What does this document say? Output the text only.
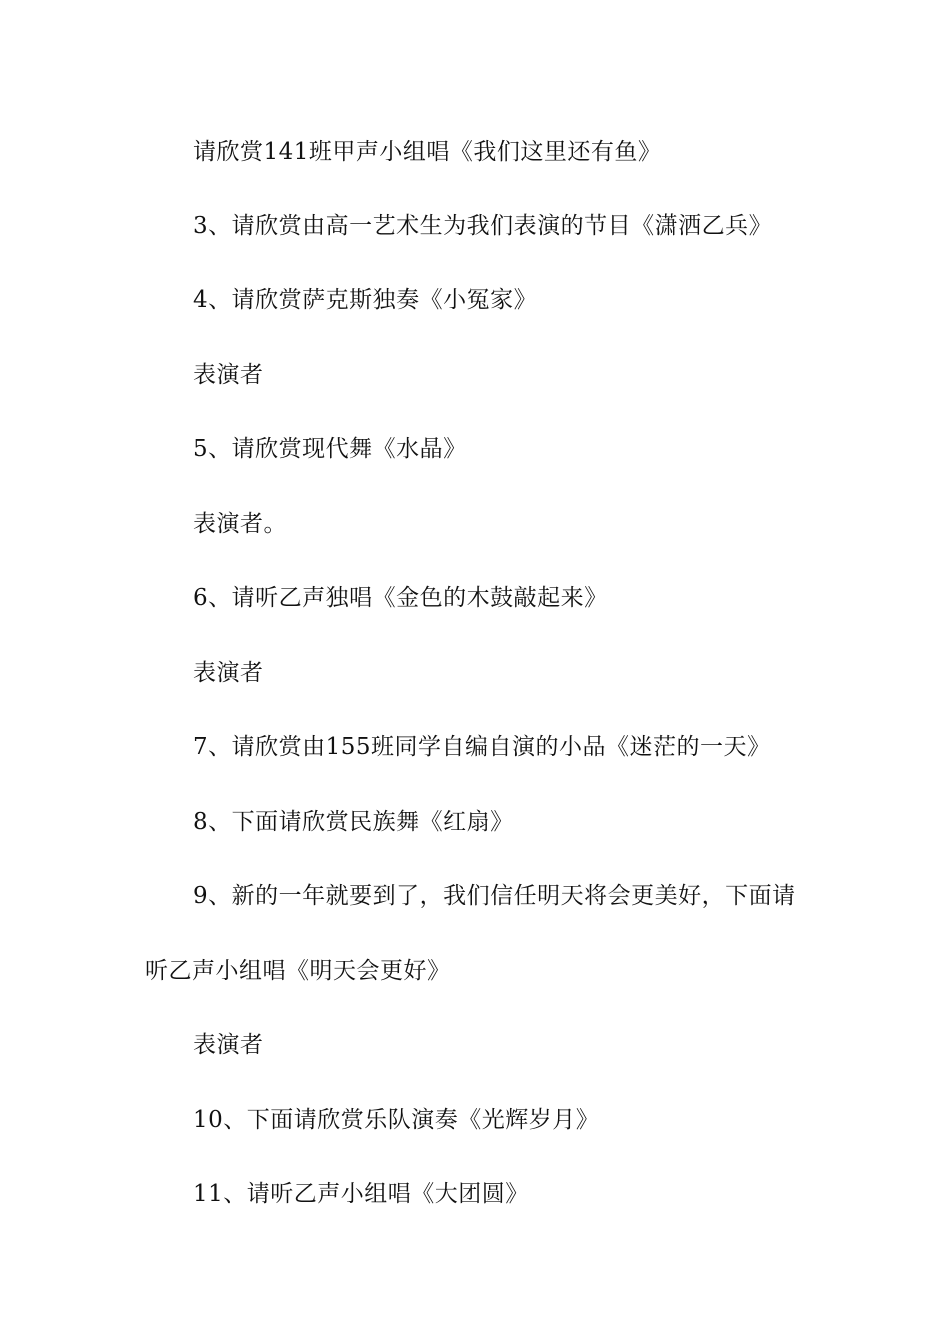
请欣赏141班甲声小组唱《我们这里还有鱼》
3、请欣赏由高一艺术生为我们表演的节目《潇洒乙兵》
4、请欣赏萨克斯独奏《小冤家》
表演者
5、请欣赏现代舞《水晶》
表演者。
6、请听乙声独唱《金色的木鼓敲起来》
表演者
7、请欣赏由155班同学自编自演的小品《迷茫的一天》
8、下面请欣赏民族舞《红扇》
9、新的一年就要到了，我们信任明天将会更美好，下面请
听乙声小组唱《明天会更好》
表演者
10、下面请欣赏乐队演奏《光辉岁月》
11、请听乙声小组唱《大团圆》
